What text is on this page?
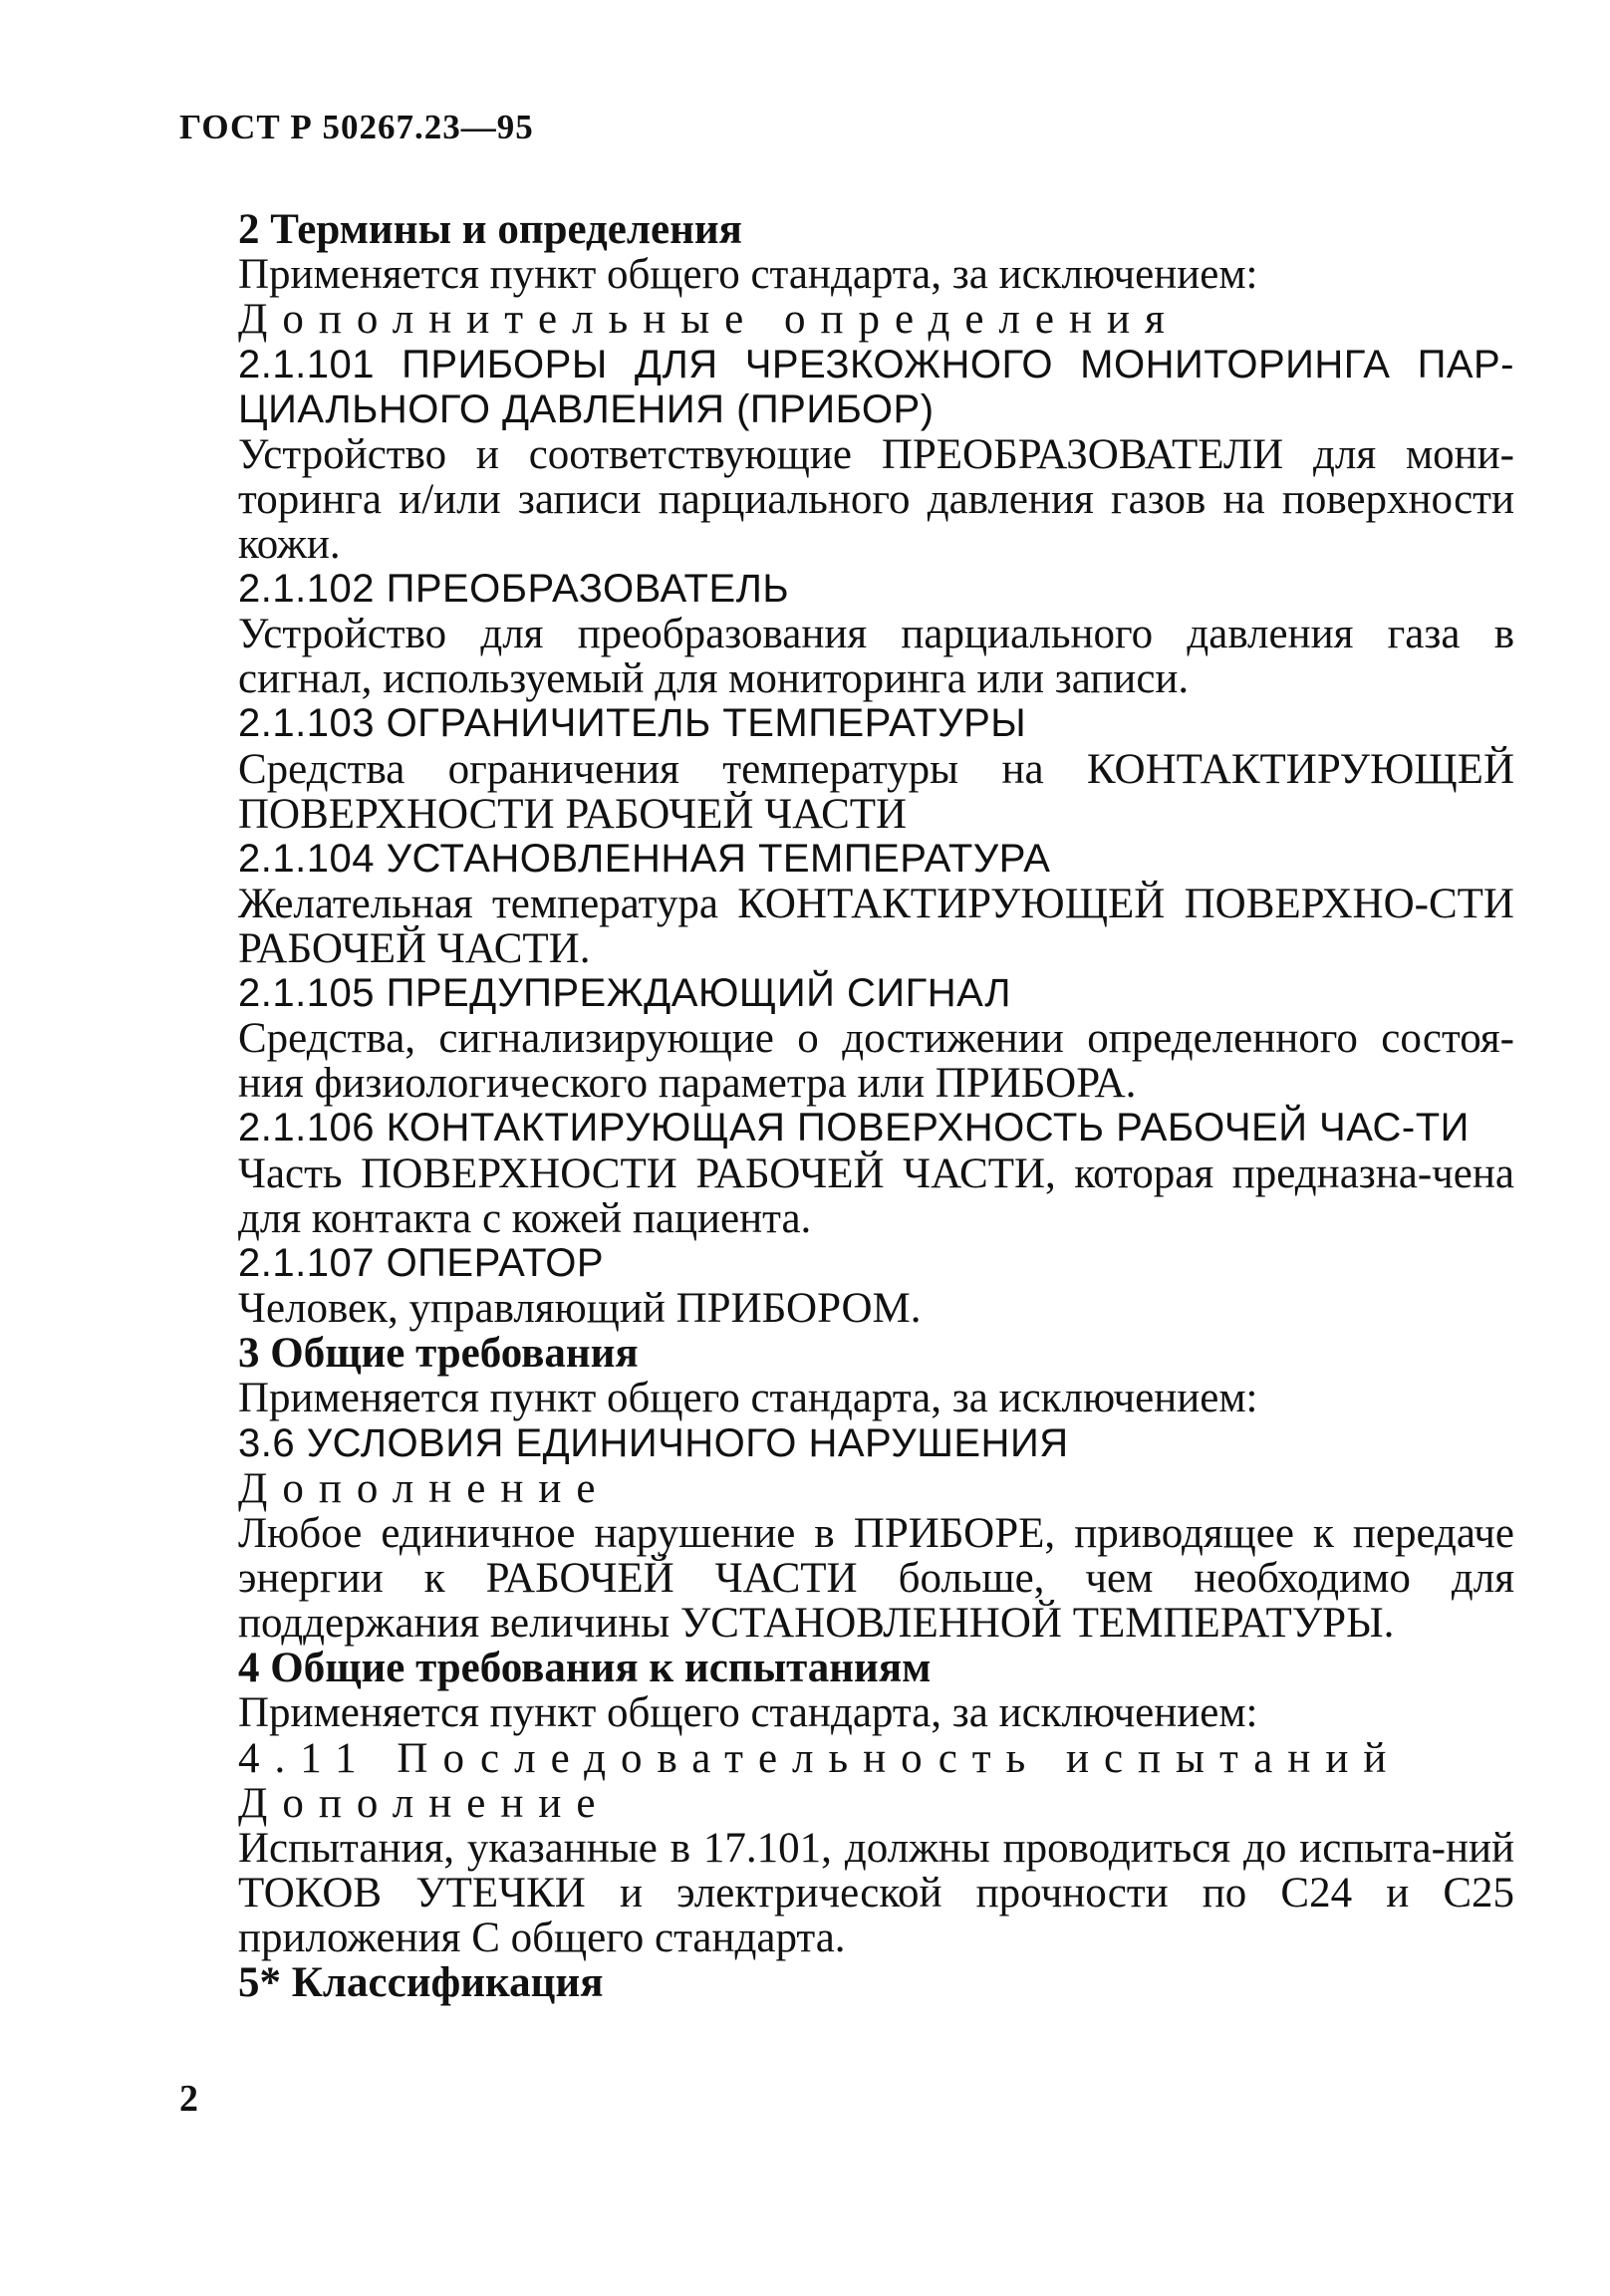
ГОСТ Р 50267.23—95

2 Термины и определения

Применяется пункт общего стандарта, за исключением:

Дополнительные определения

2.1.101 ПРИБОРЫ ДЛЯ ЧРЕЗКОЖНОГО МОНИТОРИНГА ПАР-ЦИАЛЬНОГО ДАВЛЕНИЯ (ПРИБОР)

Устройство и соответствующие ПРЕОБРАЗОВАТЕЛИ для мони-торинга и/или записи парциального давления газов на поверхности кожи.

2.1.102 ПРЕОБРАЗОВАТЕЛЬ

Устройство для преобразования парциального давления газа в сигнал, используемый для мониторинга или записи.

2.1.103 ОГРАНИЧИТЕЛЬ ТЕМПЕРАТУРЫ

Средства ограничения температуры на КОНТАКТИРУЮЩЕЙ ПОВЕРХНОСТИ РАБОЧЕЙ ЧАСТИ

2.1.104 УСТАНОВЛЕННАЯ ТЕМПЕРАТУРА

Желательная температура КОНТАКТИРУЮЩЕЙ ПОВЕРХНО-СТИ РАБОЧЕЙ ЧАСТИ.

2.1.105 ПРЕДУПРЕЖДАЮЩИЙ СИГНАЛ

Средства, сигнализирующие о достижении определенного состоя-ния физиологического параметра или ПРИБОРА.

2.1.106 КОНТАКТИРУЮЩАЯ ПОВЕРХНОСТЬ РАБОЧЕЙ ЧАС-ТИ

Часть ПОВЕРХНОСТИ РАБОЧЕЙ ЧАСТИ, которая предназна-чена для контакта с кожей пациента.

2.1.107 ОПЕРАТОР

Человек, управляющий ПРИБОРОМ.

3 Общие требования

Применяется пункт общего стандарта, за исключением:

3.6 УСЛОВИЯ ЕДИНИЧНОГО НАРУШЕНИЯ

Дополнение

Любое единичное нарушение в ПРИБОРЕ, приводящее к передаче энергии к РАБОЧЕЙ ЧАСТИ больше, чем необходимо для поддержания величины УСТАНОВЛЕННОЙ ТЕМПЕРАТУРЫ.

4 Общие требования к испытаниям

Применяется пункт общего стандарта, за исключением:

4.11 Последовательность испытаний

Дополнение

Испытания, указанные в 17.101, должны проводиться до испыта-ний ТОКОВ УТЕЧКИ и электрической прочности по С24 и С25 приложения С общего стандарта.

5* Классификация

2
